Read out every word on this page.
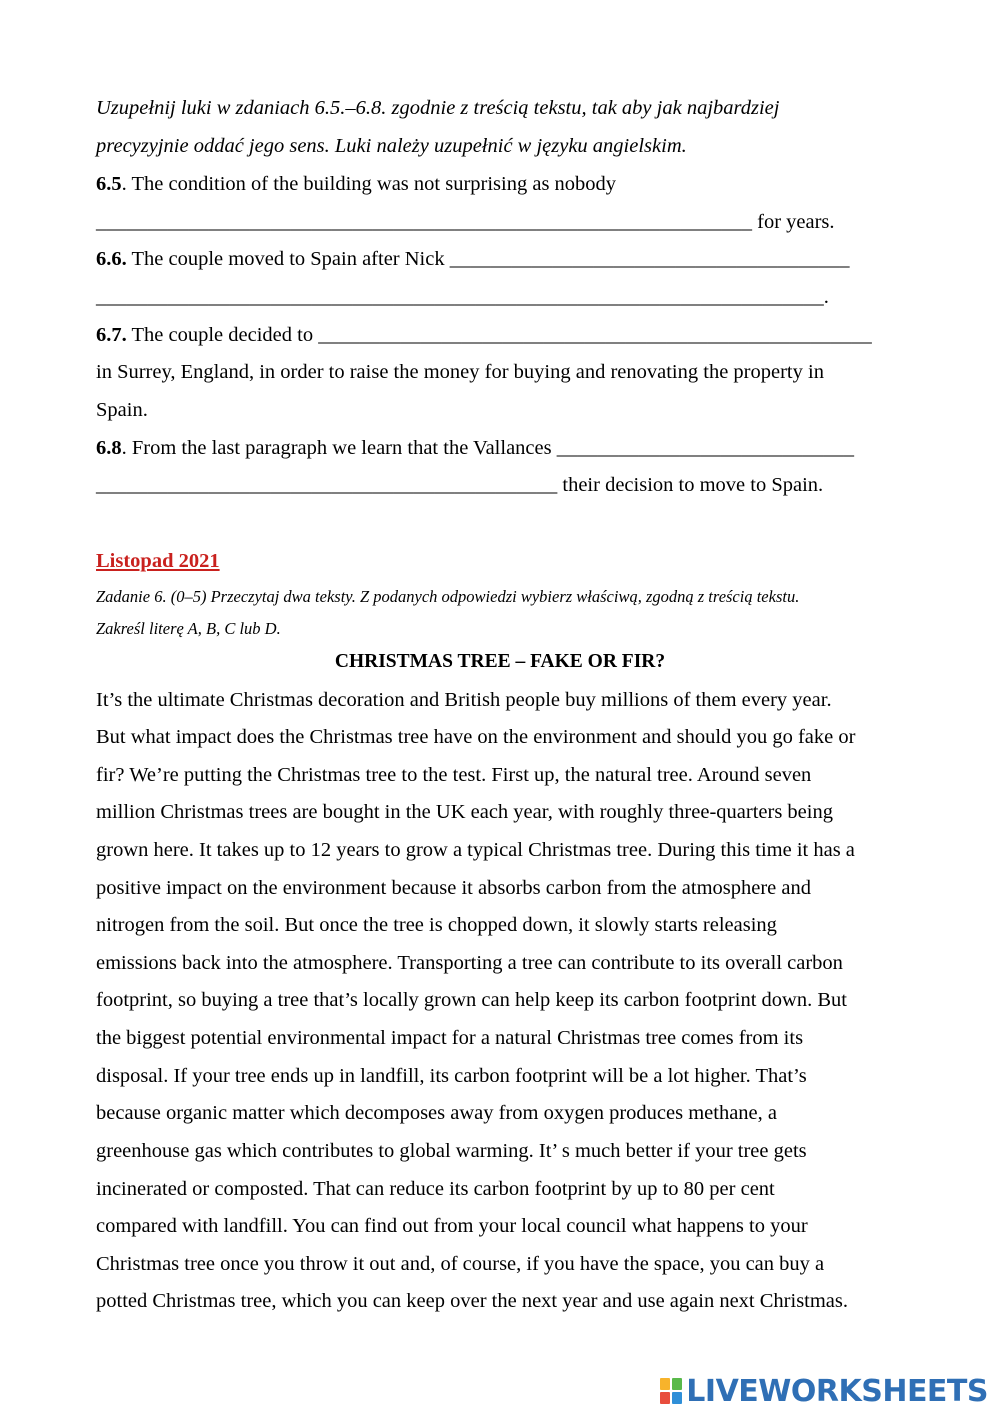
Uzupełnij luki w zdaniach 6.5.–6.8. zgodnie z treścią tekstu, tak aby jak najbardziej
precyzyjnie oddać jego sens. Luki należy uzupełnić w języku angielskim.
6.5. The condition of the building was not surprising as nobody
________________________________________________________________ for years.
6.6. The couple moved to Spain after Nick _______________________________________
_______________________________________________________________________.
6.7. The couple decided to ______________________________________________________
in Surrey, England, in order to raise the money for buying and renovating the property in
Spain.
6.8. From the last paragraph we learn that the Vallances _____________________________
_____________________________________________ their decision to move to Spain.
Listopad 2021
Zadanie 6. (0–5) Przeczytaj dwa teksty. Z podanych odpowiedzi wybierz właściwą, zgodną z treścią tekstu.
Zakreśl literę A, B, C lub D.
CHRISTMAS TREE – FAKE OR FIR?
It’s the ultimate Christmas decoration and British people buy millions of them every year.
But what impact does the Christmas tree have on the environment and should you go fake or
fir? We’re putting the Christmas tree to the test. First up, the natural tree. Around seven
million Christmas trees are bought in the UK each year, with roughly three-quarters being
grown here. It takes up to 12 years to grow a typical Christmas tree. During this time it has a
positive impact on the environment because it absorbs carbon from the atmosphere and
nitrogen from the soil. But once the tree is chopped down, it slowly starts releasing
emissions back into the atmosphere. Transporting a tree can contribute to its overall carbon
footprint, so buying a tree that’s locally grown can help keep its carbon footprint down. But
the biggest potential environmental impact for a natural Christmas tree comes from its
disposal. If your tree ends up in landfill, its carbon footprint will be a lot higher. That’s
because organic matter which decomposes away from oxygen produces methane, a
greenhouse gas which contributes to global warming. It’ s much better if your tree gets
incinerated or composted. That can reduce its carbon footprint by up to 80 per cent
compared with landfill. You can find out from your local council what happens to your
Christmas tree once you throw it out and, of course, if you have the space, you can buy a
potted Christmas tree, which you can keep over the next year and use again next Christmas.
LIVEWORKSHEETS
